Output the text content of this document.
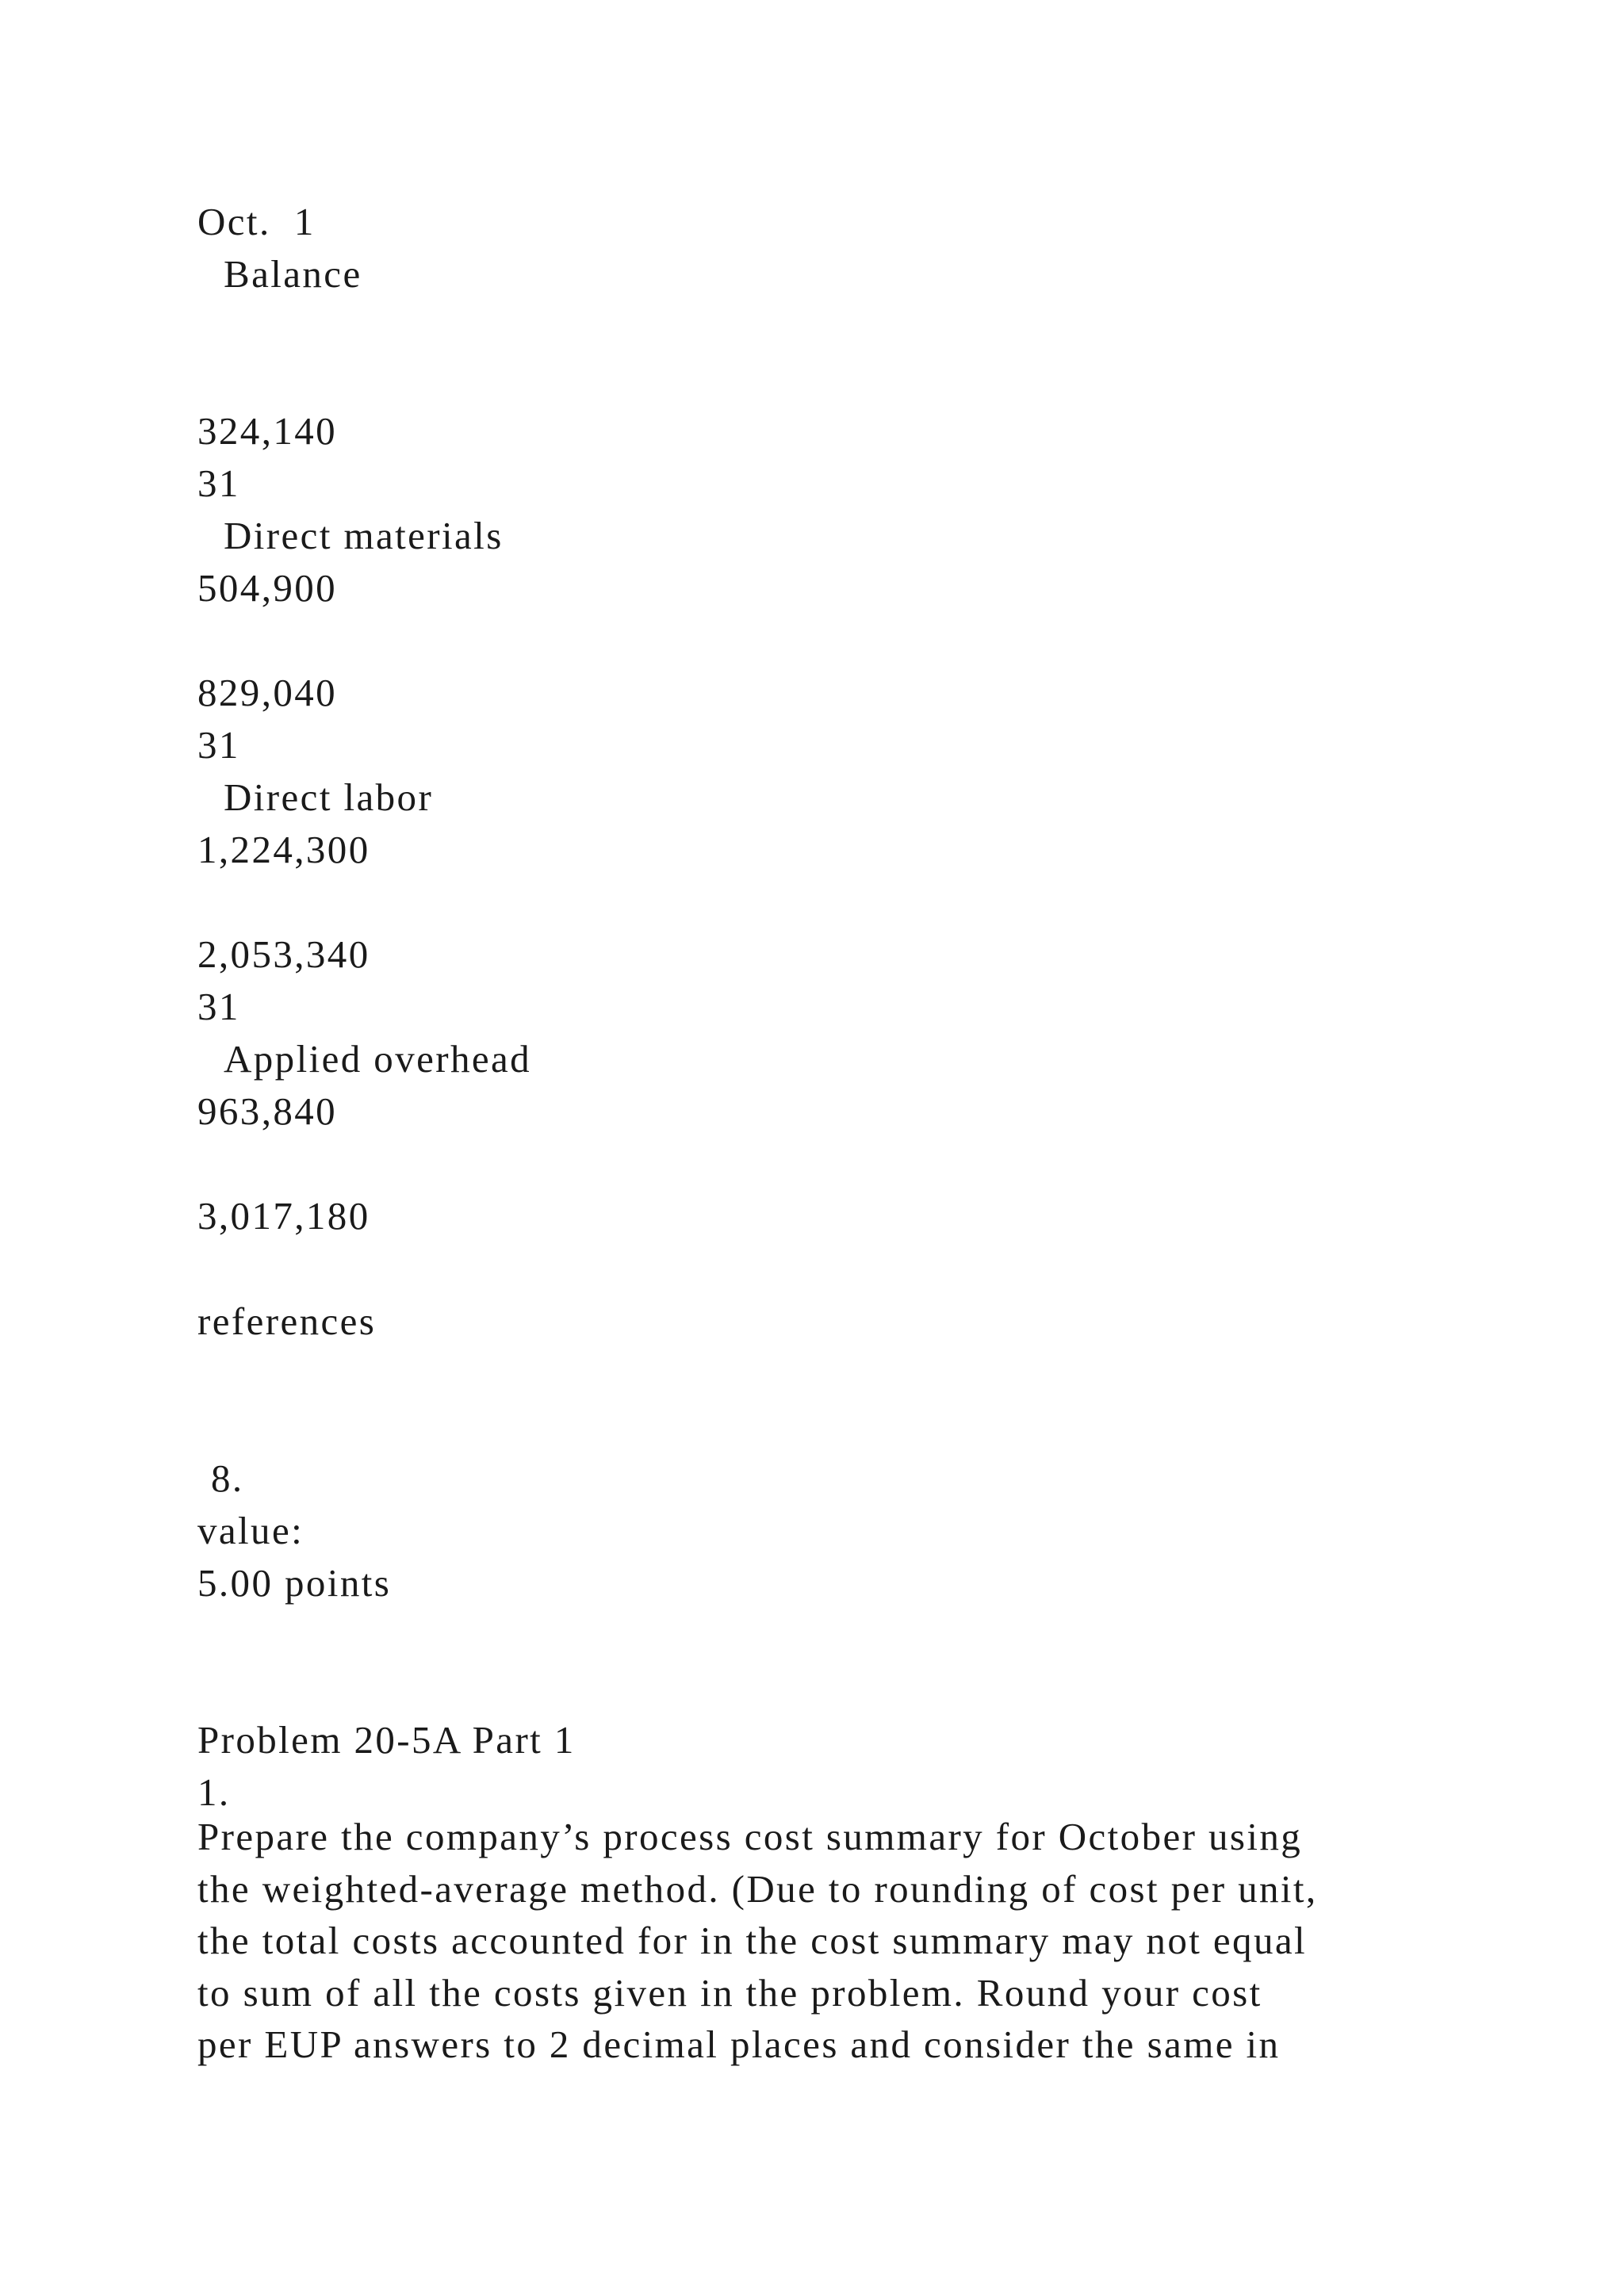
Oct.  1
Balance
324,140
31
Direct materials
504,900
829,040
31
Direct labor
1,224,300
2,053,340
31
Applied overhead
963,840
3,017,180
references
8.
value:
5.00 points
Problem 20-5A Part 1
1.
Prepare the company’s process cost summary for October using
the weighted-average method. (Due to rounding of cost per unit,
the total costs accounted for in the cost summary may not equal
to sum of all the costs given in the problem. Round your cost
per EUP answers to 2 decimal places and consider the same in
